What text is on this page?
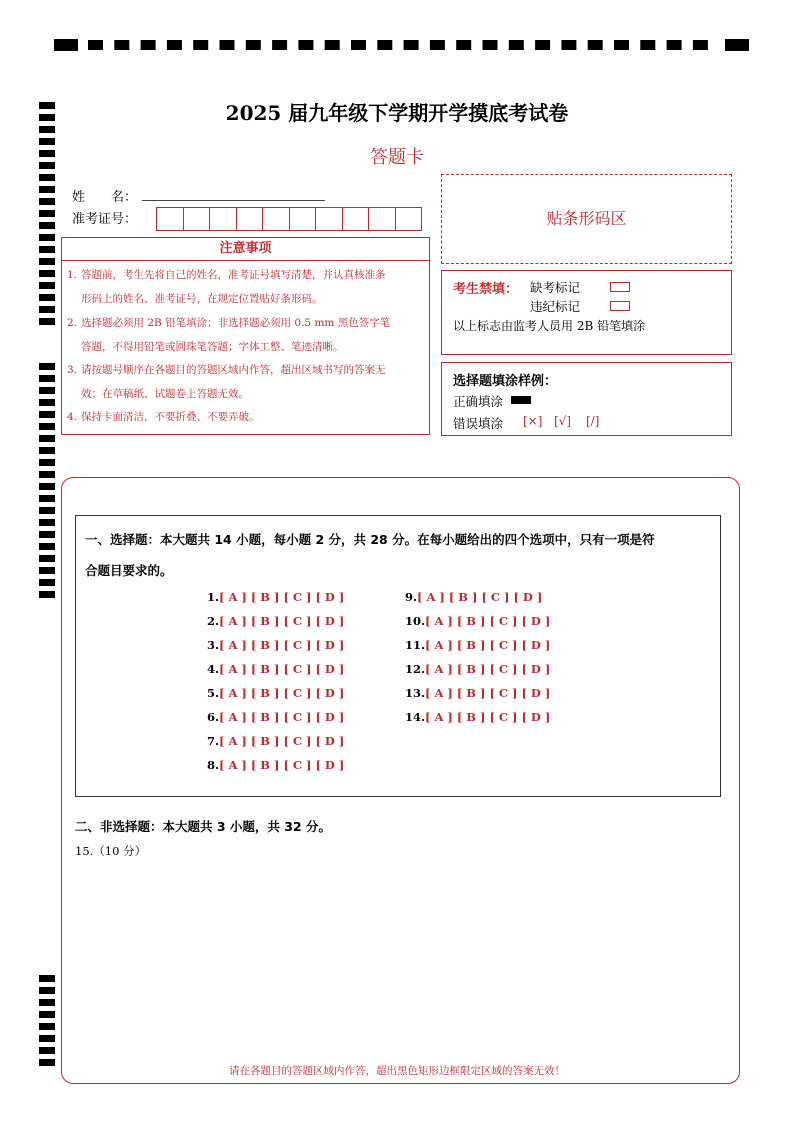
2025 届九年级下学期开学摸底考试卷
答题卡
姓　　名：
准考证号：	贴条形码区
注意事项
1. 答题前，考生先将自己的姓名，准考证号填写清楚，并认真核准条
形码上的姓名、准考证号，在规定位置贴好条形码。
2. 选择题必须用 2B 铅笔填涂；非选择题必须用 0.5 mm 黑色签字笔
答题，不得用铅笔或圆珠笔答题；字体工整、笔迹清晰。
3. 请按题号顺序在各题目的答题区域内作答，超出区域书写的答案无
效；在草稿纸、试题卷上答题无效。
4. 保持卡面清洁，不要折叠、不要弄破。
考生禁填： 缺考标记
违纪标记
以上标志由监考人员用 2B 铅笔填涂
选择题填涂样例：
正确填涂
错误填涂 [×] [√] [/]
一、选择题：本大题共 14 小题，每小题 2 分，共 28 分。在每小题给出的四个选项中，只有一项是符
合题目要求的。
1.[ A ] [ B ] [ C ] [ D ]
2.[ A ] [ B ] [ C ] [ D ]
3.[ A ] [ B ] [ C ] [ D ]
4.[ A ] [ B ] [ C ] [ D ]
5.[ A ] [ B ] [ C ] [ D ]
6.[ A ] [ B ] [ C ] [ D ]
7.[ A ] [ B ] [ C ] [ D ]
8.[ A ] [ B ] [ C ] [ D ]
9.[ A ] [ B ] [ C ] [ D ]
10.[ A ] [ B ] [ C ] [ D ]
11.[ A ] [ B ] [ C ] [ D ]
12.[ A ] [ B ] [ C ] [ D ]
13.[ A ] [ B ] [ C ] [ D ]
14.[ A ] [ B ] [ C ] [ D ]
二、非选择题：本大题共 3 小题，共 32 分。
15.（10 分）
请在各题目的答题区域内作答，超出黑色矩形边框限定区域的答案无效！
